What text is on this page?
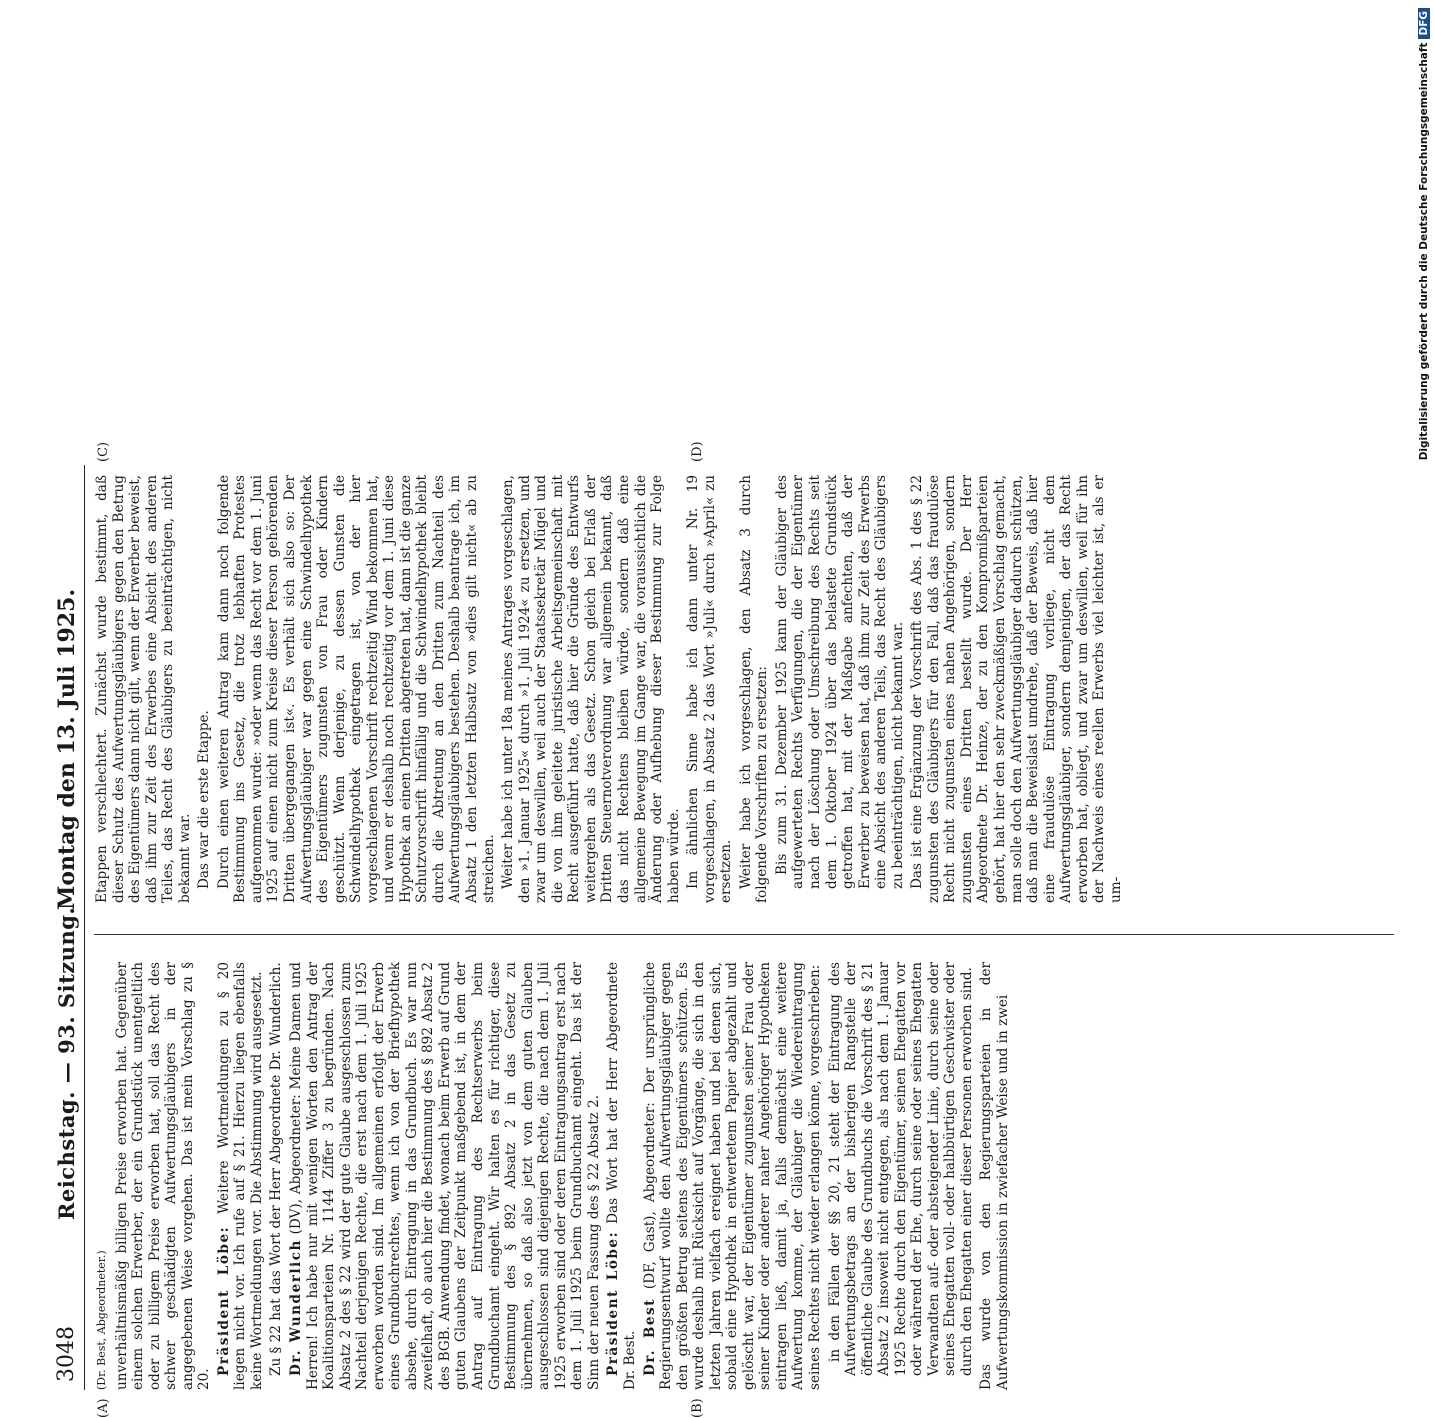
3048
Reichstag. — 93. Sitzung.
Montag den 13. Juli 1925.
(A)	(B)
(C)	(D)

(Dr. Best, Abgeordneter.) unverhältnismäßig billigen Preise erworben hat. Gegenüber einem solchen Erwerber, der ein Grundstück unentgeltlich oder zu billigem Preise erworben hat, soll das Recht des schwer geschädigten Aufwertungsgläubigers in der angegebenen Weise vorgehen. Das ist mein Vorschlag zu § 20.

Präsident Löbe: Weitere Wortmeldungen zu § 20 liegen nicht vor. Ich rufe auf § 21. Hierzu liegen ebenfalls keine Wortmeldungen vor. Die Abstimmung wird ausgesetzt. Zu § 22 hat das Wort der Herr Abgeordnete Dr. Wunderlich. Dr. Wunderlich (DV), Abgeordneter: Meine Damen und Herren! Ich habe nur mit wenigen Worten den Antrag der Koalitionsparteien Nr. 1144 Ziffer 3 zu begründen. Nach Absatz 2 des § 22 wird der gute Glaube ausgeschlossen zum Nachteil derjenigen Rechte, die erst nach dem 1. Juli 1925 erworben worden sind. Im allgemeinen erfolgt der Erwerb eines Grundbuchrechtes, wenn ich von der Briefhypothek absehe, durch Eintragung in das Grundbuch. Es war nun zweifelhaft, ob auch hier die Bestimmung des § 892 Absatz 2 des BGB. Anwendung findet, wonach beim Erwerb auf Grund guten Glaubens der Zeitpunkt maßgebend ist, in dem der Antrag auf Eintragung des Rechtserwerbs beim Grundbuchamt eingeht. Wir halten es für richtiger, diese Bestimmung des § 892 Absatz 2 in das Gesetz zu übernehmen, so daß also jetzt von dem guten Glauben ausgeschlossen sind diejenigen Rechte, die nach dem 1. Juli 1925 erworben sind oder deren Eintragungsantrag erst nach dem 1. Juli 1925 beim Grundbuchamt eingeht. Das ist der Sinn der neuen Fassung des § 22 Absatz 2. Präsident Löbe: Das Wort hat der Herr Abgeordnete Dr. Best. Dr. Best (DF, Gast), Abgeordneter: Der ursprüngliche Regierungsentwurf wollte den Aufwertungsgläubiger gegen den größten Betrug seitens des Eigentümers schützen. Es wurde deshalb mit Rücksicht auf Vorgänge, die sich in den letzten Jahren vielfach ereignet haben und bei denen sich, sobald eine Hypothek in entwertetem Papier abgezahlt und gelöscht war, der Eigentümer zugunsten seiner Frau oder seiner Kinder oder anderer naher Angehöriger Hypotheken eintragen ließ, damit ja, falls demnächst eine weitere Aufwertung komme, der Gläubiger die Wiedereintragung seines Rechtes nicht wieder erlangen könne, vorgeschrieben: in den Fällen der §§ 20, 21 steht der Eintragung des Aufwertungsbetrags an der bisherigen Rangstelle der öffentliche Glaube des Grundbuchs die Vorschrift des § 21 Absatz 2 insoweit nicht entgegen, als nach dem 1. Januar 1925 Rechte durch den Eigentümer, seinen Ehegatten vor oder während der Ehe, durch seine oder seines Ehegatten Verwandten auf- oder absteigender Linie, durch seine oder seines Ehegatten voll- oder halbbürtigen Geschwister oder durch den Ehegatten einer dieser Personen erworben sind. Das wurde von den Regierungsparteien in der Aufwertungskommission in zwiefacher Weise und in zwei

Etappen verschlechtert. Zunächst wurde bestimmt, daß dieser Schutz des Aufwertungsgläubigers gegen den Betrug des Eigentümers dann nicht gilt, wenn der Erwerber beweist, daß ihm zur Zeit des Erwerbes eine Absicht des anderen Teiles, das Recht des Gläubigers zu beeinträchtigen, nicht bekannt war. Das war die erste Etappe. Durch einen weiteren Antrag kam dann noch folgende Bestimmung ins Gesetz, die trotz lebhaften Protestes aufgenommen wurde: »oder wenn das Recht vor dem 1. Juni 1925 auf einen nicht zum Kreise dieser Person gehörenden Dritten übergegangen ist«. Es verhält sich also so: Der Aufwertungsgläubiger war gegen eine Schwindelhypothek des Eigentümers zugunsten von Frau oder Kindern geschützt. Wenn derjenige, zu dessen Gunsten die Schwindelhypothek eingetragen ist, von der hier vorgeschlagenen Vorschrift rechtzeitig Wind bekommen hat, und wenn er deshalb noch rechtzeitig vor dem 1. Juni diese Hypothek an einen Dritten abgetreten hat, dann ist die ganze Schutzvorschrift hinfällig und die Schwindelhypothek bleibt durch die Abtretung an den Dritten zum Nachteil des Aufwertungsgläubigers bestehen. Deshalb beantrage ich, im Absatz 1 den letzten Halbsatz von »dies gilt nicht« ab zu streichen. Weiter habe ich unter 18a meines Antrages vorgeschlagen, den »1. Januar 1925« durch »1. Juli 1924« zu ersetzen, und zwar um deswillen, weil auch der Staatssekretär Mügel und die von ihm geleitete juristische Arbeitsgemeinschaft mit Recht ausgeführt hatte, daß hier die Gründe des Entwurfs weitergehen als das Gesetz. Schon gleich bei Erlaß der Dritten Steuernotverordnung war allgemein bekannt, daß das nicht Rechtens bleiben würde, sondern daß eine allgemeine Bewegung im Gange war, die voraussichtlich die Änderung oder Aufhebung dieser Bestimmung zur Folge haben würde. Im ähnlichen Sinne habe ich dann unter Nr. 19 vorgeschlagen, in Absatz 2 das Wort »Juli« durch »April« zu ersetzen. Weiter habe ich vorgeschlagen, den Absatz 3 durch folgende Vorschriften zu ersetzen: Bis zum 31. Dezember 1925 kann der Gläubiger des aufgewerteten Rechts Verfügungen, die der Eigentümer nach der Löschung oder Umschreibung des Rechts seit dem 1. Oktober 1924 über das belastete Grundstück getroffen hat, mit der Maßgabe anfechten, daß der Erwerber zu beweisen hat, daß ihm zur Zeit des Erwerbs eine Absicht des anderen Teils, das Recht des Gläubigers zu beeinträchtigen, nicht bekannt war. Das ist eine Ergänzung der Vorschrift des Abs. 1 des § 22 zugunsten des Gläubigers für den Fall, daß das fraudulöse Recht nicht zugunsten eines nahen Angehörigen, sondern zugunsten eines Dritten bestellt wurde. Der Herr Abgeordnete Dr. Heinze, der zu den Kompromißparteien gehört, hat hier den sehr zweckmäßigen Vorschlag gemacht, man solle doch den Aufwertungsgläubiger dadurch schützen, daß man die Beweislast umdrehe, daß der Beweis, daß hier eine fraudulöse Eintragung vorliege, nicht dem Aufwertungsgläubiger, sondern demjenigen, der das Recht erworben hat, obliegt, und zwar um deswillen, weil für ihn der Nachweis eines reellen Erwerbs viel leichter ist, als er um-

Digitalisierung gefördert durch die Deutsche ForschungsgemeinschaftDFG
